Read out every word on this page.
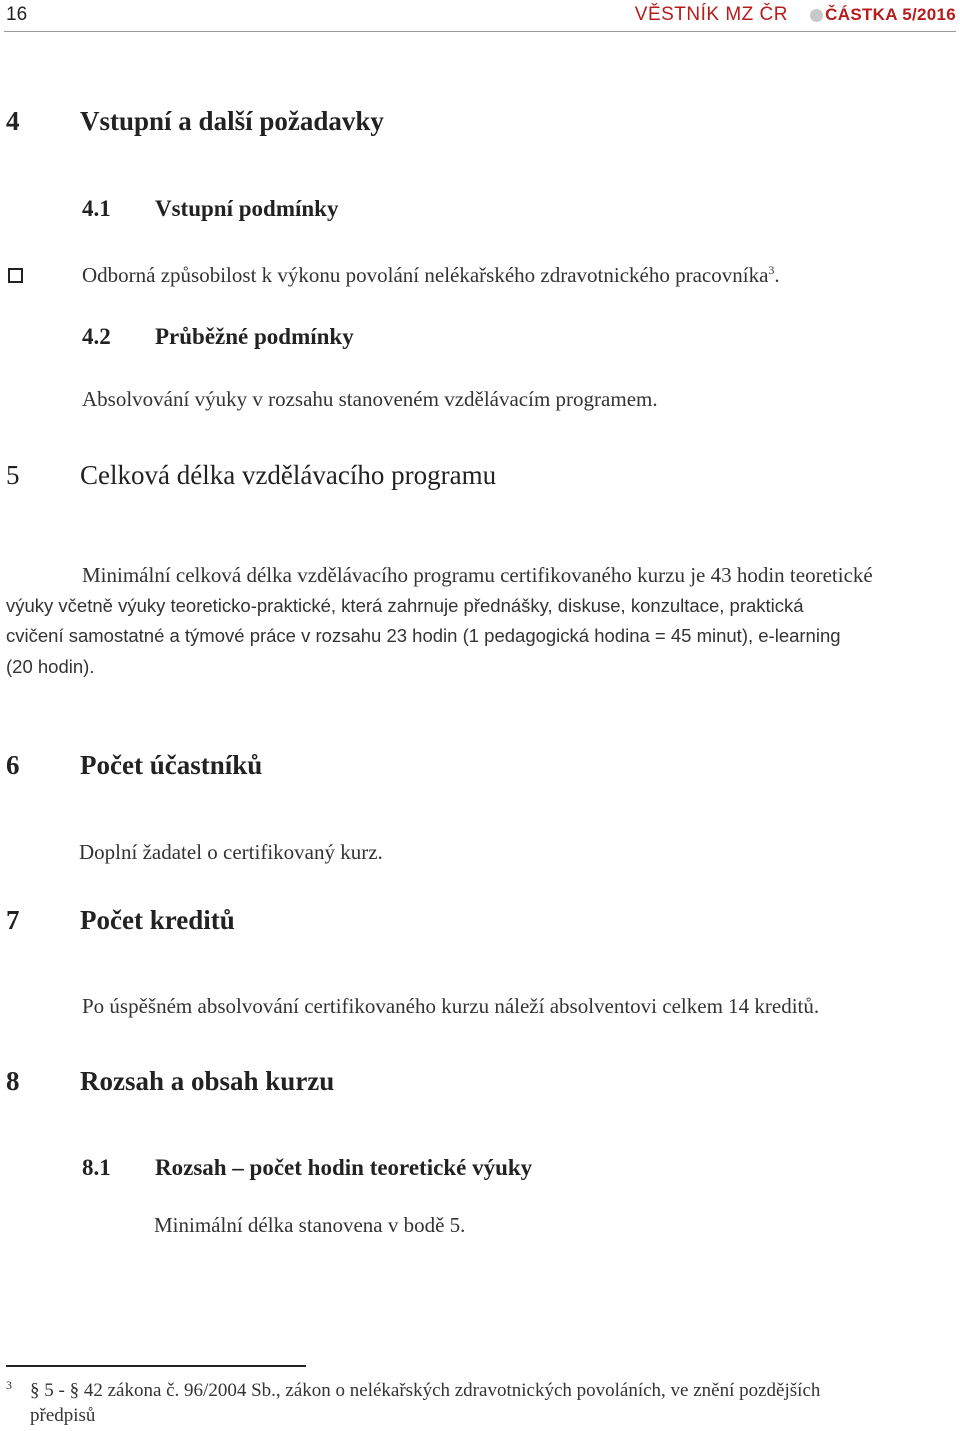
16	VĚSTNÍK MZ ČR ČÁSTKA 5/2016
4 Vstupní a další požadavky
4.1 Vstupní podmínky
Odborná způsobilost k výkonu povolání nelékařského zdravotnického pracovníka$^3$.
4.2 Průběžné podmínky
Absolvování výuky v rozsahu stanoveném vzdělávacím programem.
5 Celková délka vzdělávacího programu
Minimální celková délka vzdělávacího programu certifikovaného kurzu je 43 hodin teoretické
výuky včetně výuky teoreticko-praktické, která zahrnuje přednášky, diskuse, konzultace, praktická
cvičení samostatné a týmové práce v rozsahu 23 hodin (1 pedagogická hodina = 45 minut), e-learning
(20 hodin).
6 Počet účastníků
Doplní žadatel o certifikovaný kurz.
7 Počet kreditů
Po úspěšném absolvování certifikovaného kurzu náleží absolventovi celkem 14 kreditů.
8 Rozsah a obsah kurzu
8.1 Rozsah – počet hodin teoretické výuky
Minimální délka stanovena v bodě 5.
$^3$ § 5 - § 42 zákona č. 96/2004 Sb., zákon o nelékařských zdravotnických povoláních, ve znění pozdějších
předpisů
